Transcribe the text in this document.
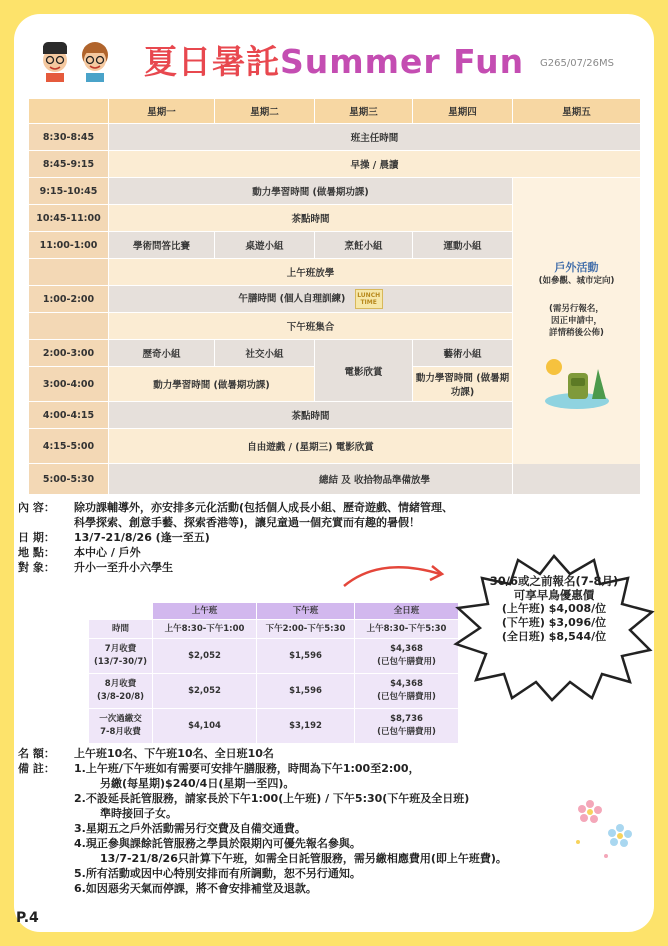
夏日暑託Summer Fun G265/07/26MS
	星期一	星期二	星期三	星期四	星期五
8:30-8:45	班主任時間				
8:45-9:15	早操 / 晨讀				
9:15-10:45	動力學習時間 (做暑期功課)				戶外活動
(如參觀、城市定向)
(需另行報名，
因正申請中，
詳情稍後公佈)

10:45-11:00	茶點時間				
11:00-1:00	學術問答比賽	桌遊小組	烹飪小組	運動小組	
	上午班放學				
1:00-2:00	午膳時間 (個人自理訓練) LUNCH TIME				
	下午班集合				
2:00-3:00	歷奇小組	社交小組	電影欣賞	藝術小組	
3:00-4:00	動力學習時間 (做暑期功課)			動力學習時間 (做暑期功課)	
4:00-4:15	茶點時間				
4:15-5:00	自由遊戲 / (星期三) 電影欣賞				
5:00-5:30	總結 及 收拾物品準備放學				
內 容：	除功課輔導外，亦安排多元化活動(包括個人成長小組、歷奇遊戲、情緒管理、科學探索、創意手藝、探索香港等)，讓兒童過一個充實而有趣的暑假！
日 期：	13/7-21/8/26 (逢一至五)
地 點：	本中心 / 戶外
對 象：	升小一至升小六學生
	上午班	下午班	全日班
時間	上午8:30-下午1:00	下午2:00-下午5:30	上午8:30-下午5:30
7月收費
(13/7-30/7)	$2,052	$1,596	$4,368
(已包午膳費用)
8月收費
(3/8-20/8)	$2,052	$1,596	$4,368
(已包午膳費用)
一次過繳交
7-8月收費	$4,104	$3,192	$8,736
(已包午膳費用)
30/6或之前報名(7-8月)
可享早鳥優惠價
(上午班) $4,008/位
(下午班) $3,096/位
(全日班) $8,544/位
名 額：	上午班10名、下午班10名、全日班10名
備 註：	1.上午班/下午班如有需要可安排午膳服務，時間為下午1:00至2:00，
另繳(每星期)$240/4日(星期一至四)。
2.不設延長託管服務，請家長於下午1:00(上午班) / 下午5:30(下午班及全日班)
準時接回子女。
3.星期五之戶外活動需另行交費及自備交通費。
4.現正參與課餘託管服務之學員於限期內可優先報名參與。
13/7-21/8/26只計算下午班，如需全日託管服務，需另繳相應費用(即上午班費)。
5.所有活動或因中心特別安排而有所調動，恕不另行通知。
6.如因惡劣天氣而停課，將不會安排補堂及退款。
P.4
